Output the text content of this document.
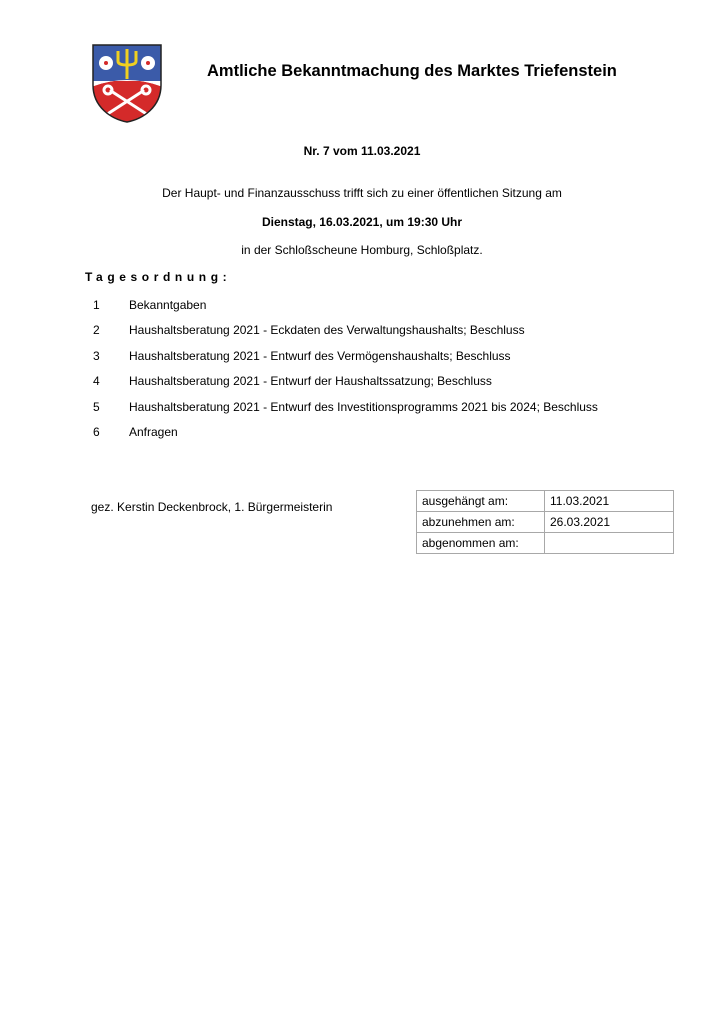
Amtliche Bekanntmachung des Marktes Triefenstein
Nr. 7 vom 11.03.2021
Der Haupt- und Finanzausschuss trifft sich zu einer öffentlichen Sitzung am
Dienstag, 16.03.2021, um 19:30 Uhr
in der Schloßscheune Homburg, Schloßplatz.
Tagesordnung:
1 Bekanntgaben
2 Haushaltsberatung 2021 - Eckdaten des Verwaltungshaushalts; Beschluss
3 Haushaltsberatung 2021 - Entwurf des Vermögenshaushalts; Beschluss
4 Haushaltsberatung 2021 - Entwurf der Haushaltssatzung; Beschluss
5 Haushaltsberatung 2021 - Entwurf des Investitionsprogramms 2021 bis 2024; Beschluss
6 Anfragen
gez. Kerstin Deckenbrock, 1. Bürgermeisterin	ausgehängt am:	11.03.2021
abzunehmen am:	26.03.2021
abgenommen am:	
